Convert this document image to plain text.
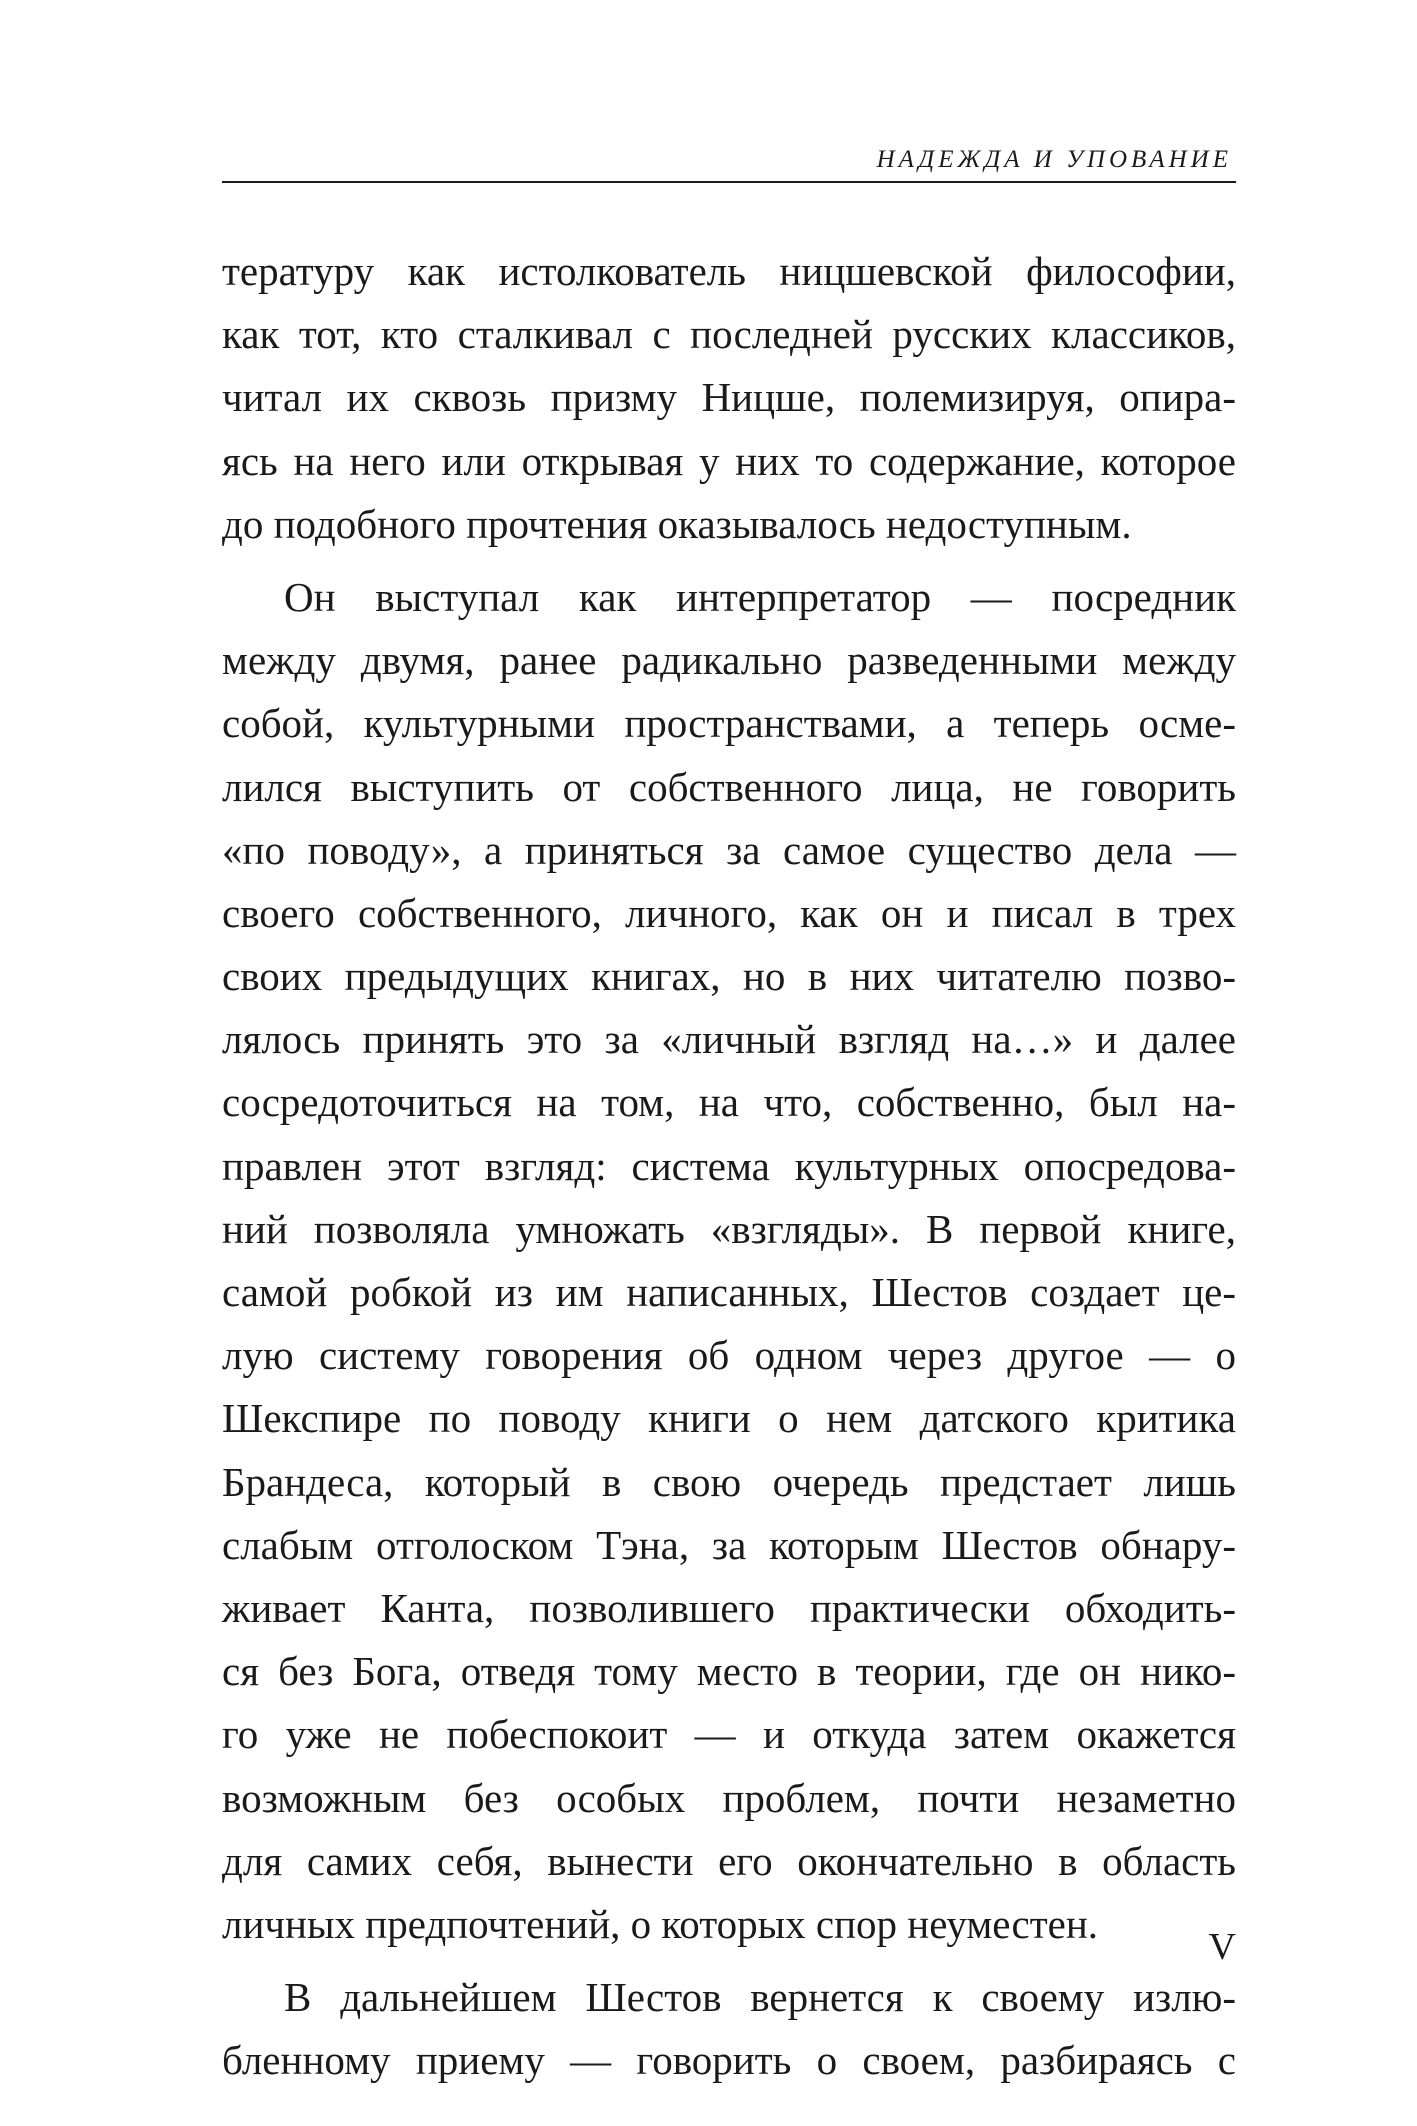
НАДЕЖДА И УПОВАНИЕ
тературу как истолкователь ницшевской философии,
как тот, кто сталкивал с последней русских классиков,
читал их сквозь призму Ницше, полемизируя, опира-
ясь на него или открывая у них то содержание, которое
до подобного прочтения оказывалось недоступным.
Он выступал как интерпретатор — посредник
между двумя, ранее радикально разведенными между
собой, культурными пространствами, а теперь осме-
лился выступить от собственного лица, не говорить
«по поводу», а приняться за самое существо дела —
своего собственного, личного, как он и писал в трех
своих предыдущих книгах, но в них читателю позво-
лялось принять это за «личный взгляд на…» и далее
сосредоточиться на том, на что, собственно, был на-
правлен этот взгляд: система культурных опосредова-
ний позволяла умножать «взгляды». В первой книге,
самой робкой из им написанных, Шестов создает це-
лую систему говорения об одном через другое — о
Шекспире по поводу книги о нем датского критика
Брандеса, который в свою очередь предстает лишь
слабым отголоском Тэна, за которым Шестов обнару-
живает Канта, позволившего практически обходить-
ся без Бога, отведя тому место в теории, где он нико-
го уже не побеспокоит — и откуда затем окажется
возможным без особых проблем, почти незаметно
для самих себя, вынести его окончательно в область
личных предпочтений, о которых спор неуместен.
В дальнейшем Шестов вернется к своему излю-
бленному приему — говорить о своем, разбираясь с
V
